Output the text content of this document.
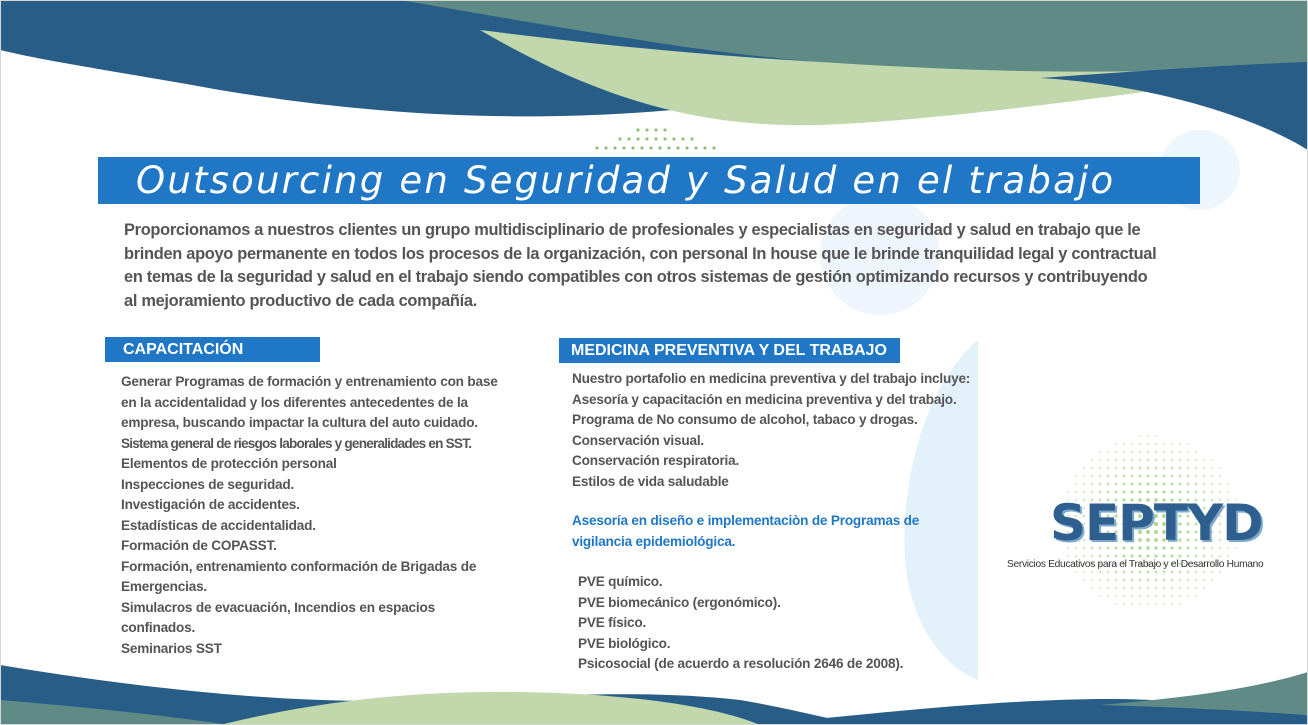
Outsourcing en Seguridad y Salud en el trabajo

Proporcionamos a nuestros clientes un grupo multidisciplinario de profesionales y especialistas en seguridad y salud en trabajo que le brinden apoyo permanente en todos los procesos de la organización, con personal In house que le brinde tranquilidad legal y contractual en temas de la seguridad y salud en el trabajo siendo compatibles con otros sistemas de gestión optimizando recursos y contribuyendo al mejoramiento productivo de cada compañía.

CAPACITACIÓN
Generar Programas de formación y entrenamiento con base
en la accidentalidad y los diferentes antecedentes de la
empresa, buscando impactar la cultura del auto cuidado.
Sistema general de riesgos laborales y generalidades en SST.
Elementos de protección personal
Inspecciones de seguridad.
Investigación de accidentes.
Estadísticas de accidentalidad.
Formación de COPASST.
Formación, entrenamiento conformación de Brigadas de
Emergencias.
Simulacros de evacuación, Incendios en espacios
confinados.
Seminarios SST
MEDICINA PREVENTIVA Y DEL TRABAJO
Nuestro portafolio en medicina preventiva y del trabajo incluye:
Asesoría y capacitación en medicina preventiva y del trabajo.
Programa de No consumo de alcohol, tabaco y drogas.
Conservación visual.
Conservación respiratoria.
Estilos de vida saludable

Asesoría en diseño e implementaciòn de Programas de vigilancia epidemiológica.

PVE químico.
PVE biomecánico (ergonómico).
PVE físico.
PVE biológico.
Psicosocial (de acuerdo a resolución 2646 de 2008).
SEPTYD
Servicios Educativos para el Trabajo y el Desarrollo Humano
